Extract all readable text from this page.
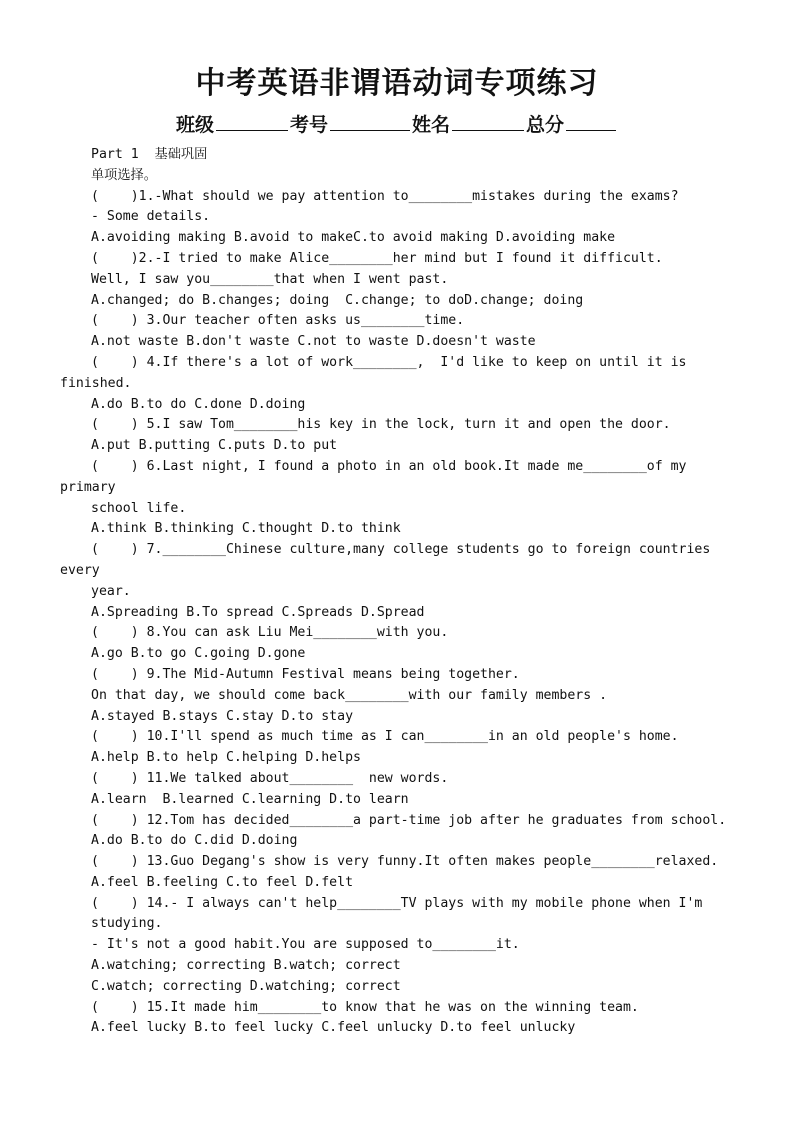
中考英语非谓语动词专项练习
班级	考号	姓名	总分
Part 1  基础巩固
单项选择。
(    )1.-What should we pay attention to________mistakes during the exams?
- Some details.
A.avoiding making B.avoid to makeC.to avoid making D.avoiding make
(    )2.-I tried to make Alice________her mind but I found it difficult.
Well, I saw you________that when I went past.
A.changed; do B.changes; doing  C.change; to doD.change; doing
(    ) 3.Our teacher often asks us________time.
A.not waste B.don't waste C.not to waste D.doesn't waste
(    ) 4.If there's a lot of work________,  I'd like to keep on until it is
finished.
A.do B.to do C.done D.doing
(    ) 5.I saw Tom________his key in the lock, turn it and open the door.
A.put B.putting C.puts D.to put
(    ) 6.Last night, I found a photo in an old book.It made me________of my
primary
school life.
A.think B.thinking C.thought D.to think
(    ) 7.________Chinese culture,many college students go to foreign countries
every
year.
A.Spreading B.To spread C.Spreads D.Spread
(    ) 8.You can ask Liu Mei________with you.
A.go B.to go C.going D.gone
(    ) 9.The Mid-Autumn Festival means being together.
On that day, we should come back________with our family members .
A.stayed B.stays C.stay D.to stay
(    ) 10.I'll spend as much time as I can________in an old people's home.
A.help B.to help C.helping D.helps
(    ) 11.We talked about________  new words.
A.learn  B.learned C.learning D.to learn
(    ) 12.Tom has decided________a part-time job after he graduates from school.
A.do B.to do C.did D.doing
(    ) 13.Guo Degang's show is very funny.It often makes people________relaxed.
A.feel B.feeling C.to feel D.felt
(    ) 14.- I always can't help________TV plays with my mobile phone when I'm
studying.
- It's not a good habit.You are supposed to________it.
A.watching; correcting B.watch; correct
C.watch; correcting D.watching; correct
(    ) 15.It made him________to know that he was on the winning team.
A.feel lucky B.to feel lucky C.feel unlucky D.to feel unlucky
